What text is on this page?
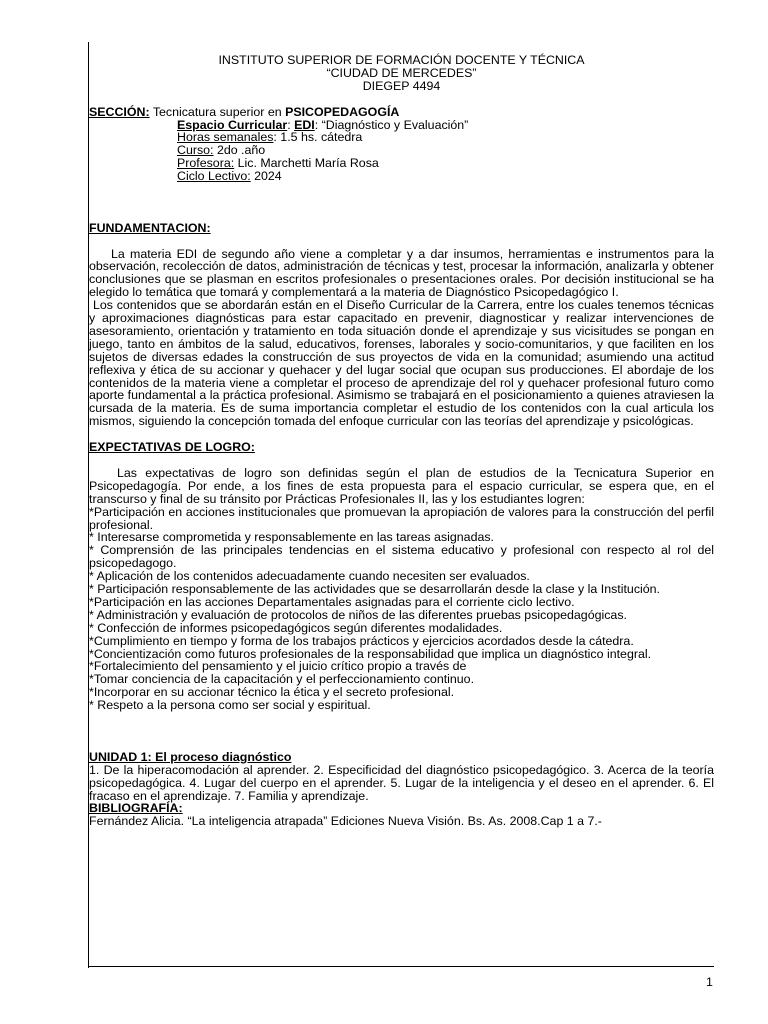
INSTITUTO SUPERIOR DE FORMACIÓN DOCENTE Y TÉCNICA
“CIUDAD DE MERCEDES”
DIEGEP 4494
SECCIÓN: Tecnicatura superior en PSICOPEDAGOGÍA
Espacio Curricular: EDI: “Diagnóstico y Evaluación”
Horas semanales: 1.5 hs. cátedra
Curso: 2do .año
Profesora: Lic. Marchetti María Rosa
Ciclo Lectivo: 2024
FUNDAMENTACION:
La materia EDI de segundo año viene a completar y a dar insumos, herramientas e instrumentos para la observación, recolección de datos, administración de técnicas y test, procesar la información, analizarla y obtener conclusiones que se plasman en escritos profesionales o presentaciones orales. Por decisión institucional se ha elegido lo temática que tomará y complementará a la materia de Diagnóstico Psicopedagógico I.
Los contenidos que se abordarán están en el Diseño Curricular de la Carrera, entre los cuales tenemos técnicas y aproximaciones diagnósticas para estar capacitado en prevenir, diagnosticar y realizar intervenciones de asesoramiento, orientación y tratamiento en toda situación donde el aprendizaje y sus vicisitudes se pongan en juego, tanto en ámbitos de la salud, educativos, forenses, laborales y socio-comunitarios, y que faciliten en los sujetos de diversas edades la construcción de sus proyectos de vida en la comunidad; asumiendo una actitud reflexiva y ética de su accionar y quehacer y del lugar social que ocupan sus producciones. El abordaje de los contenidos de la materia viene a completar el proceso de aprendizaje del rol y quehacer profesional futuro como aporte fundamental a la práctica profesional. Asimismo se trabajará en el posicionamiento a quienes atraviesen la cursada de la materia. Es de suma importancia completar el estudio de los contenidos con la cual articula los mismos, siguiendo la concepción tomada del enfoque curricular con las teorías del aprendizaje y psicológicas.
EXPECTATIVAS DE LOGRO:
Las expectativas de logro son definidas según el plan de estudios de la Tecnicatura Superior en Psicopedagogía. Por ende, a los fines de esta propuesta para el espacio curricular, se espera que, en el transcurso y final de su tránsito por Prácticas Profesionales II, las y los estudiantes logren:
*Participación en acciones institucionales que promuevan la apropiación de valores para la construcción del perfil profesional.
* Interesarse comprometida y responsablemente en las tareas asignadas.
* Comprensión de las principales tendencias en el sistema educativo y profesional con respecto al rol del psicopedagogo.
* Aplicación de los contenidos adecuadamente cuando necesiten ser evaluados.
* Participación responsablemente de las actividades que se desarrollarán desde la clase y la Institución.
*Participación en las acciones Departamentales asignadas para el corriente ciclo lectivo.
* Administración y evaluación de protocolos de niños de las diferentes pruebas psicopedagógicas.
* Confección de informes psicopedagógicos según diferentes modalidades.
*Cumplimiento en tiempo y forma de los trabajos prácticos y ejercicios acordados desde la cátedra.
*Concientización como futuros profesionales de la responsabilidad que implica un diagnóstico integral.
*Fortalecimiento del pensamiento y el juicio crítico propio a través de
*Tomar conciencia de la capacitación y el perfeccionamiento continuo.
*Incorporar en su accionar técnico la ética y el secreto profesional.
* Respeto a la persona como ser social y espiritual.
UNIDAD 1: El proceso diagnóstico
1. De la hiperacomodación al aprender. 2. Especificidad del diagnóstico psicopedagógico. 3. Acerca de la teoría psicopedagógica. 4. Lugar del cuerpo en el aprender. 5. Lugar de la inteligencia y el deseo en el aprender. 6. El fracaso en el aprendizaje. 7. Familia y aprendizaje.
BIBLIOGRAFÍA:
Fernández Alicia. “La inteligencia atrapada” Ediciones Nueva Visión. Bs. As. 2008.Cap 1 a 7.-
1
